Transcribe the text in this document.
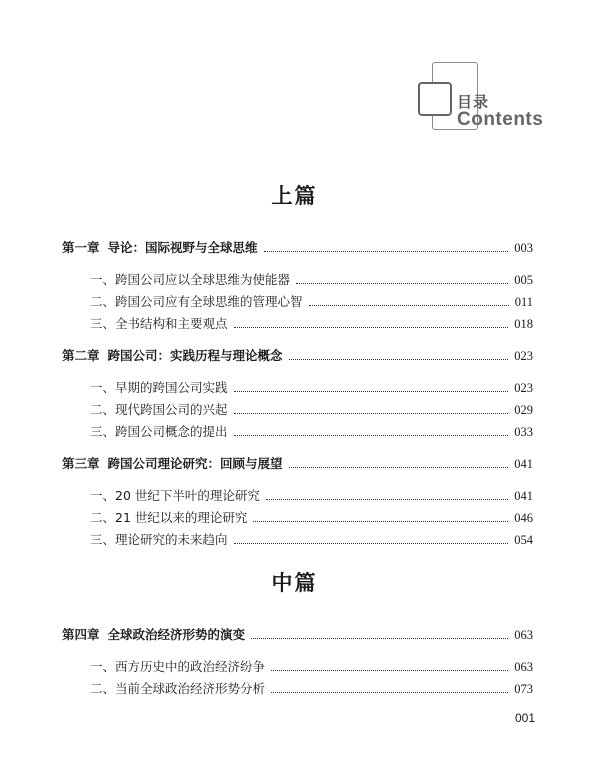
目录
Contents
上篇
第一章 导论：国际视野与全球思维	003
一、跨国公司应以全球思维为使能器	005
二、跨国公司应有全球思维的管理心智	011
三、全书结构和主要观点	018
第二章 跨国公司：实践历程与理论概念	023
一、早期的跨国公司实践	023
二、现代跨国公司的兴起	029
三、跨国公司概念的提出	033
第三章 跨国公司理论研究：回顾与展望	041
一、20 世纪下半叶的理论研究	041
二、21 世纪以来的理论研究	046
三、理论研究的未来趋向	054
中篇
第四章 全球政治经济形势的演变	063
一、西方历史中的政治经济纷争	063
二、当前全球政治经济形势分析	073
001
